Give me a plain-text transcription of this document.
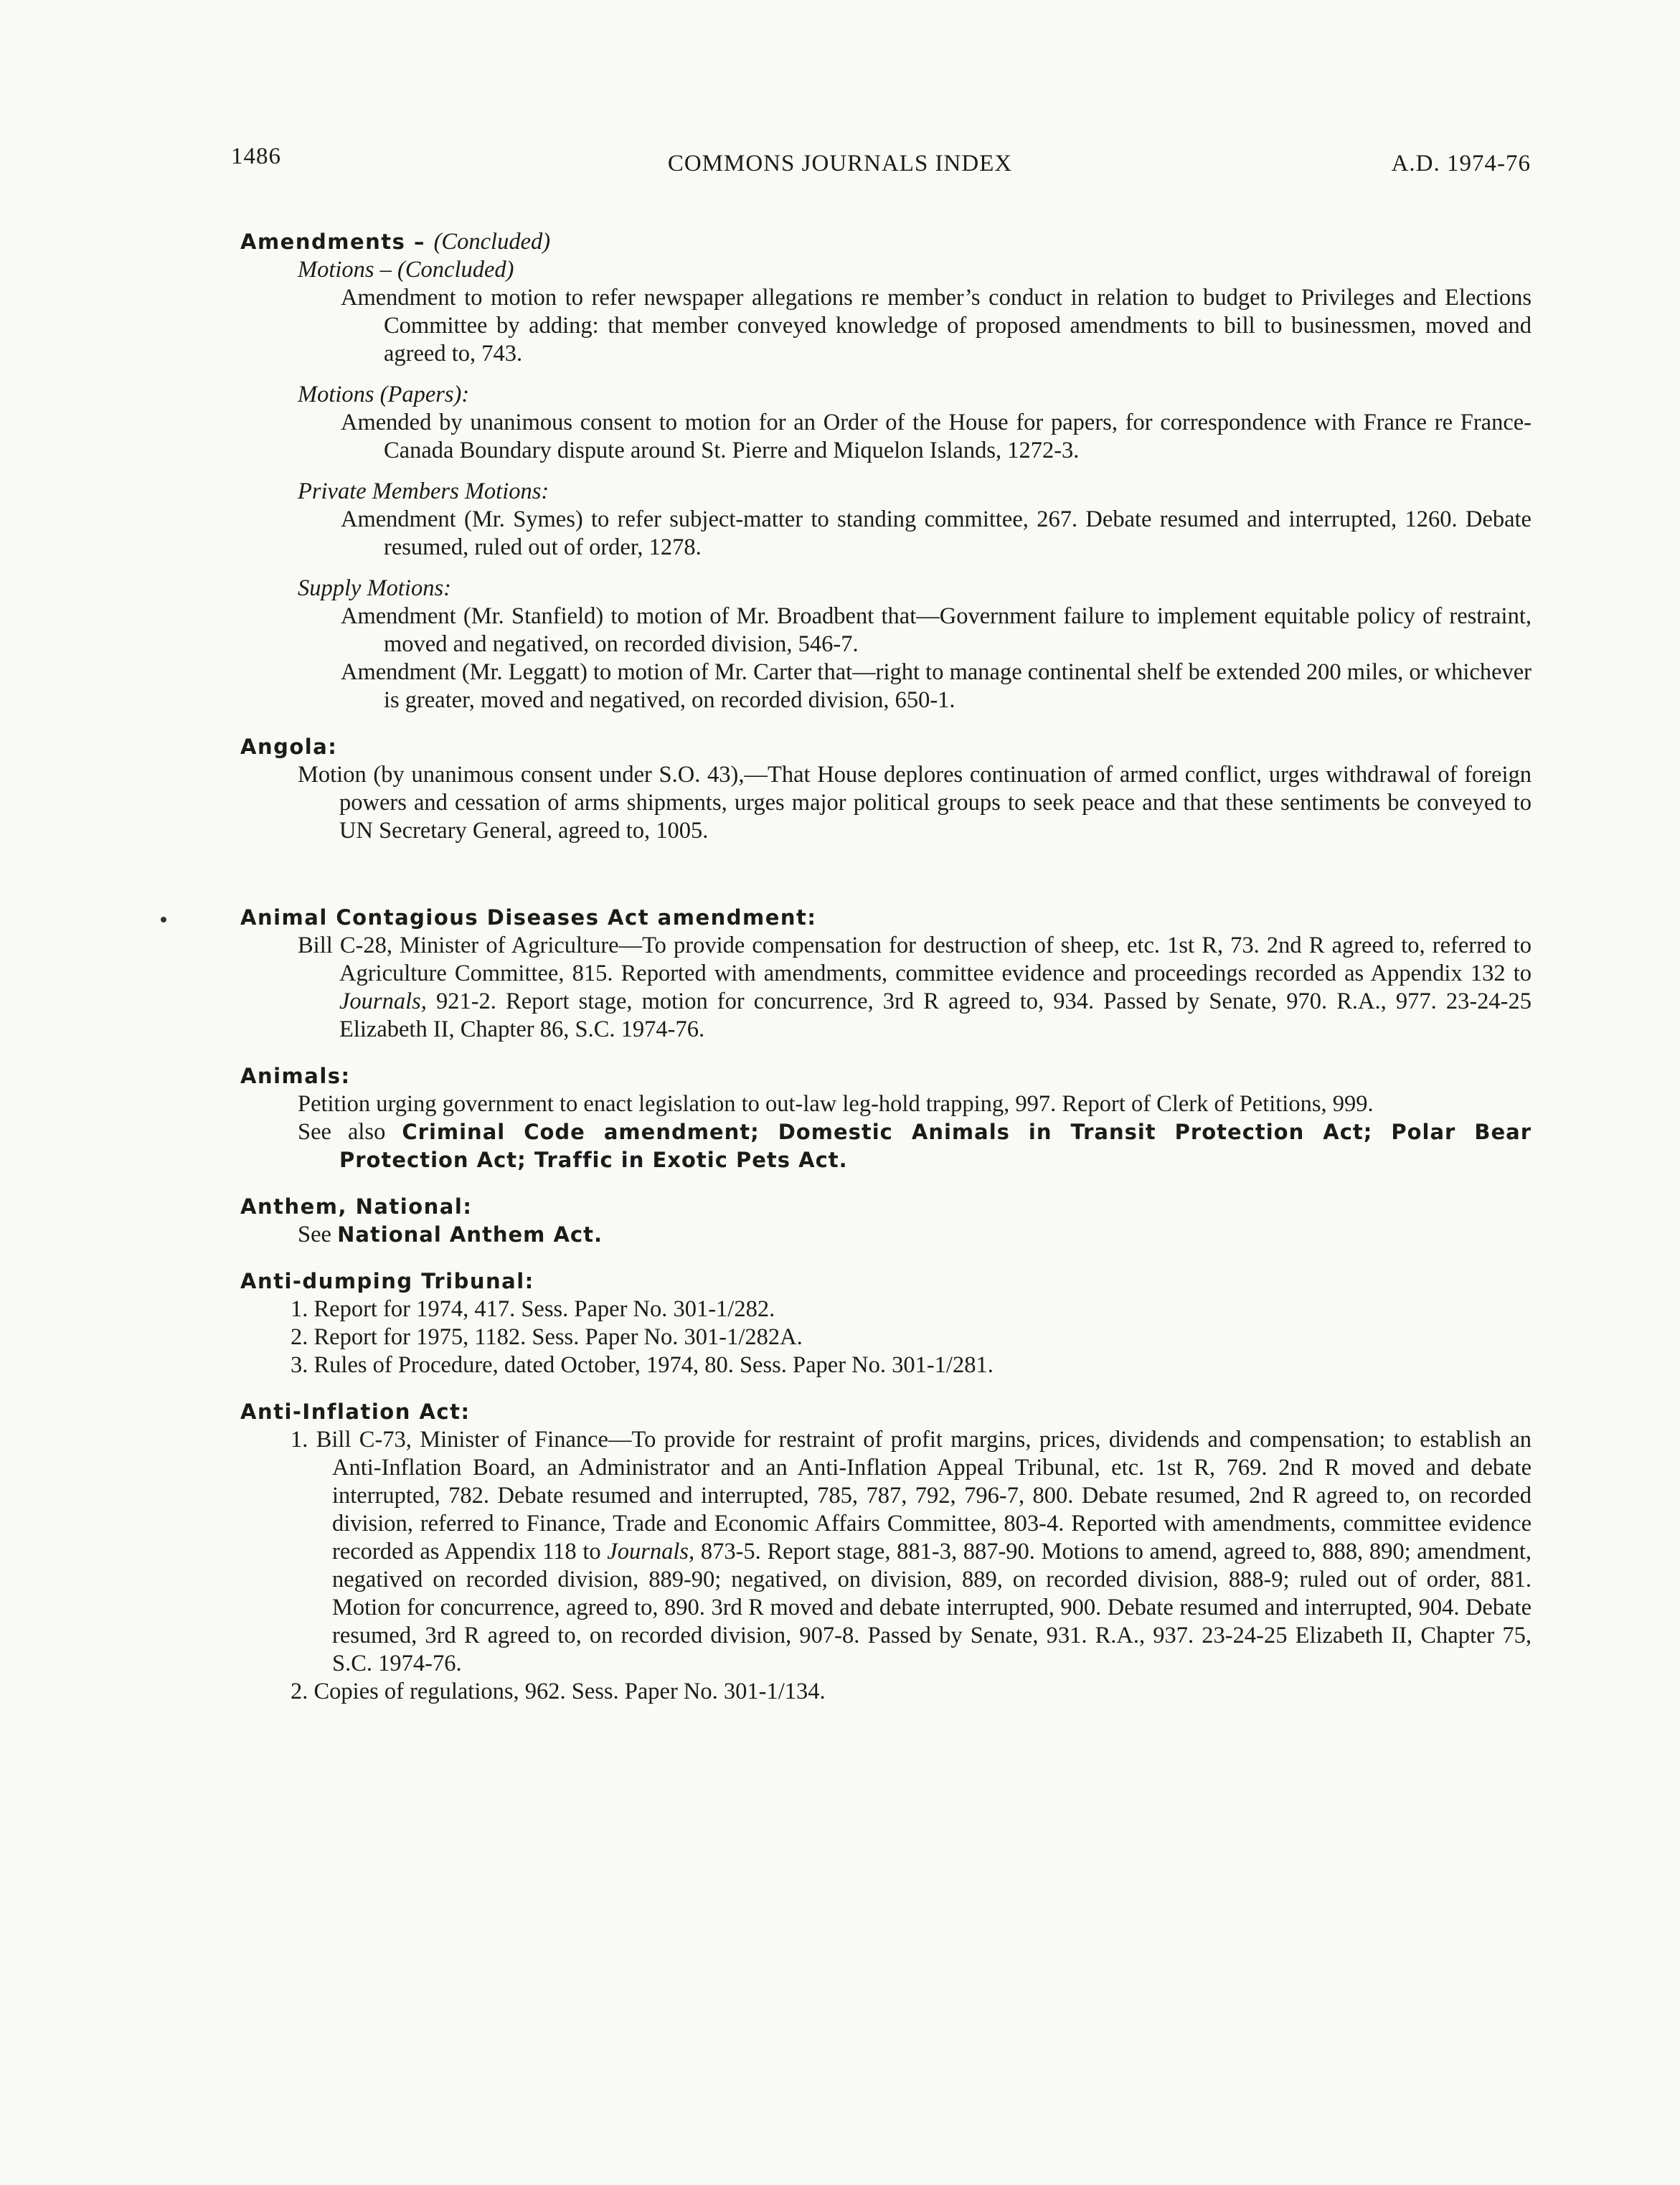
1486	COMMONS JOURNALS INDEX	A.D. 1974-76
Amendments – (Concluded)
Motions – (Concluded)
Amendment to motion to refer newspaper allegations re member’s conduct in relation to budget to Privileges and Elections Committee by adding: that member conveyed knowledge of proposed amendments to bill to businessmen, moved and agreed to, 743.
Motions (Papers):
Amended by unanimous consent to motion for an Order of the House for papers, for correspondence with France re France-Canada Boundary dispute around St. Pierre and Miquelon Islands, 1272-3.
Private Members Motions:
Amendment (Mr. Symes) to refer subject-matter to standing committee, 267. Debate resumed and interrupted, 1260. Debate resumed, ruled out of order, 1278.
Supply Motions:
Amendment (Mr. Stanfield) to motion of Mr. Broadbent that—Government failure to implement equitable policy of restraint, moved and negatived, on recorded division, 546-7.
Amendment (Mr. Leggatt) to motion of Mr. Carter that—right to manage continental shelf be extended 200 miles, or whichever is greater, moved and negatived, on recorded division, 650-1.
Angola:
Motion (by unanimous consent under S.O. 43),—That House deplores continuation of armed conflict, urges withdrawal of foreign powers and cessation of arms shipments, urges major political groups to seek peace and that these sentiments be conveyed to UN Secretary General, agreed to, 1005.
Animal Contagious Diseases Act amendment:
Bill C-28, Minister of Agriculture—To provide compensation for destruction of sheep, etc. 1st R, 73. 2nd R agreed to, referred to Agriculture Committee, 815. Reported with amendments, committee evidence and proceedings recorded as Appendix 132 to Journals, 921-2. Report stage, motion for concurrence, 3rd R agreed to, 934. Passed by Senate, 970. R.A., 977. 23-24-25 Elizabeth II, Chapter 86, S.C. 1974-76.
Animals:
Petition urging government to enact legislation to out-law leg-hold trapping, 997. Report of Clerk of Petitions, 999.
See also Criminal Code amendment; Domestic Animals in Transit Protection Act; Polar Bear Protection Act; Traffic in Exotic Pets Act.
Anthem, National:
See National Anthem Act.
Anti-dumping Tribunal:
1. Report for 1974, 417. Sess. Paper No. 301-1/282.
2. Report for 1975, 1182. Sess. Paper No. 301-1/282A.
3. Rules of Procedure, dated October, 1974, 80. Sess. Paper No. 301-1/281.
Anti-Inflation Act:
1. Bill C-73, Minister of Finance—To provide for restraint of profit margins, prices, dividends and compensation; to establish an Anti-Inflation Board, an Administrator and an Anti-Inflation Appeal Tribunal, etc. 1st R, 769. 2nd R moved and debate interrupted, 782. Debate resumed and interrupted, 785, 787, 792, 796-7, 800. Debate resumed, 2nd R agreed to, on recorded division, referred to Finance, Trade and Economic Affairs Committee, 803-4. Reported with amendments, committee evidence recorded as Appendix 118 to Journals, 873-5. Report stage, 881-3, 887-90. Motions to amend, agreed to, 888, 890; amendment, negatived on recorded division, 889-90; negatived, on division, 889, on recorded division, 888-9; ruled out of order, 881. Motion for concurrence, agreed to, 890. 3rd R moved and debate interrupted, 900. Debate resumed and interrupted, 904. Debate resumed, 3rd R agreed to, on recorded division, 907-8. Passed by Senate, 931. R.A., 937. 23-24-25 Elizabeth II, Chapter 75, S.C. 1974-76.
2. Copies of regulations, 962. Sess. Paper No. 301-1/134.
